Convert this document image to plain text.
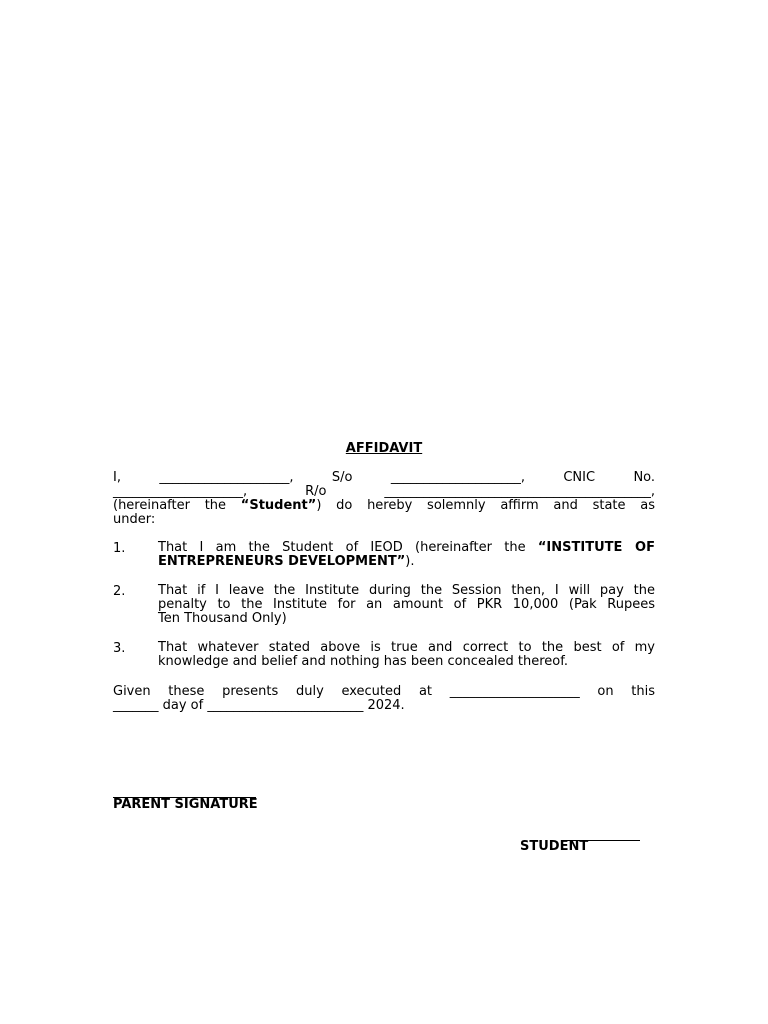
AFFIDAVIT
I,	____________________,	S/o	____________________,	CNIC	No.
____________________,	R/o	_________________________________________,
(hereinafter the “Student”) do hereby solemnly affirm and state as
under:
1.	That I am the Student of IEOD (hereinafter the “INSTITUTE OF
ENTREPRENEURS DEVELOPMENT”).
2.	That if I leave the Institute during the Session then, I will pay the
penalty to the Institute for an amount of PKR 10,000 (Pak Rupees
Ten Thousand Only)
3.	That whatever stated above is true and correct to the best of my
knowledge and belief and nothing has been concealed thereof.
Given these presents duly executed at ____________________ on this
_______ day of ________________________ 2024.
PARENT SIGNATURE
STUDENT
